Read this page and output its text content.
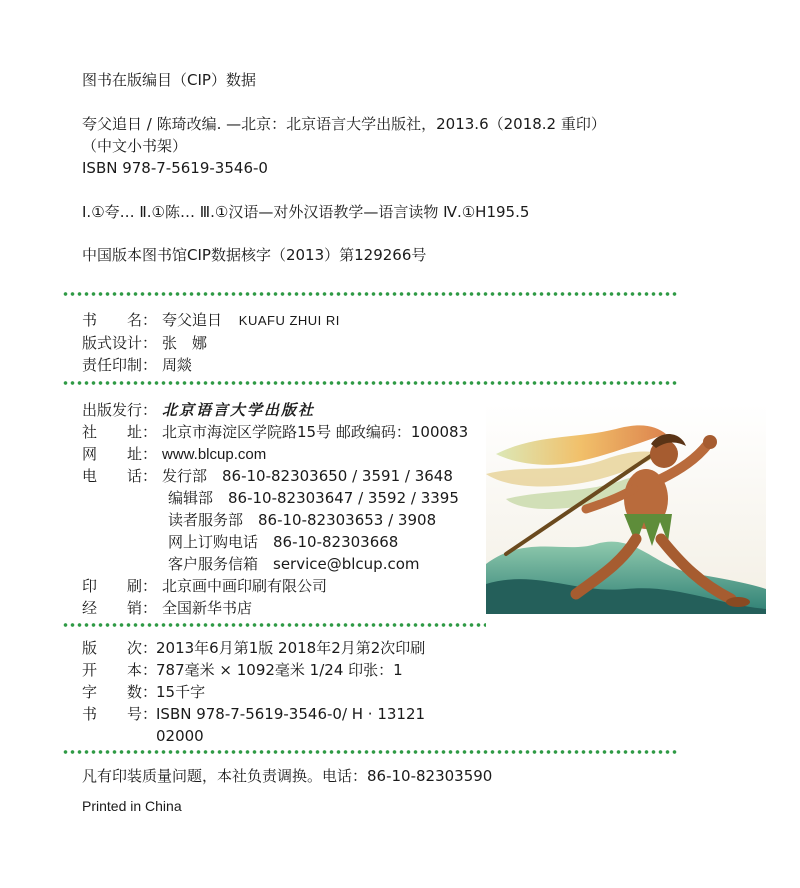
图书在版编目（CIP）数据
夸父追日 / 陈琦改编. —北京：北京语言大学出版社，2013.6（2018.2 重印）
（中文小书架）
ISBN 978-7-5619-3546-0
Ⅰ.①夸… Ⅱ.①陈… Ⅲ.①汉语—对外汉语教学—语言读物 Ⅳ.①H195.5
中国版本图书馆CIP数据核字（2013）第129266号
书　　名： 夸父追日 KUAFU ZHUI RI
版式设计： 张　娜
责任印制： 周燚
出版发行： 北京语言大学出版社
社　　址： 北京市海淀区学院路15号 邮政编码：100083
网　　址： www.blcup.com
电　　话： 发行部　86-10-82303650 / 3591 / 3648
编辑部　86-10-82303647 / 3592 / 3395
读者服务部　86-10-82303653 / 3908
网上订购电话　86-10-82303668
客户服务信箱　service@blcup.com
印　　刷： 北京画中画印刷有限公司
经　　销： 全国新华书店
版　　次：2013年6月第1版 2018年2月第2次印刷
开　　本：787毫米 × 1092毫米 1/24 印张：1
字　　数：15千字
书　　号：ISBN 978-7-5619-3546-0/ H · 13121
02000
凡有印装质量问题，本社负责调换。电话：86-10-82303590
Printed in China
